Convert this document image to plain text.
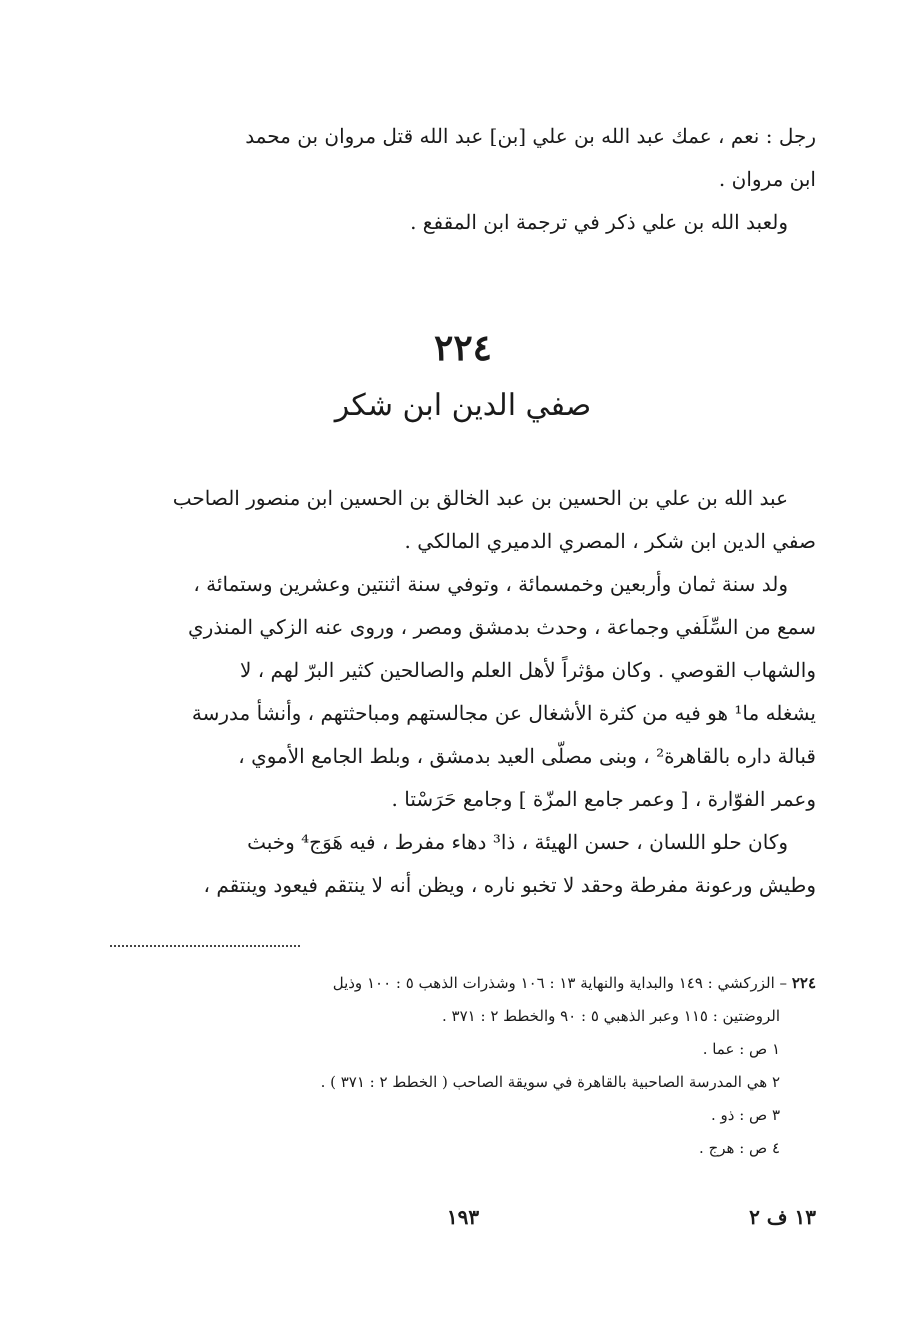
رجل : نعم ، عمك عبد الله بن علي [بن] عبد الله قتل مروان بن محمد
ابن مروان .
ولعبد الله بن علي ذكر في ترجمة ابن المقفع .
٢٢٤
صفي الدين ابن شكر
عبد الله بن علي بن الحسين بن عبد الخالق بن الحسين ابن منصور الصاحب
صفي الدين ابن شكر ، المصري الدميري المالكي .
ولد سنة ثمان وأربعين وخمسمائة ، وتوفي سنة اثنتين وعشرين وستمائة ،
سمع من السِّلَفي وجماعة ، وحدث بدمشق ومصر ، وروى عنه الزكي المنذري
والشهاب القوصي . وكان مؤثراً لأهل العلم والصالحين كثير البرّ لهم ، لا
يشغله ما¹ هو فيه من كثرة الأشغال عن مجالستهم ومباحثتهم ، وأنشأ مدرسة
قبالة داره بالقاهرة² ، وبنى مصلّى العيد بدمشق ، وبلط الجامع الأموي ،
وعمر الفوّارة ، [ وعمر جامع المزّة ] وجامع حَرَسْتا .
وكان حلو اللسان ، حسن الهيئة ، ذا³ دهاء مفرط ، فيه هَوَج⁴ وخبث
وطيش ورعونة مفرطة وحقد لا تخبو ناره ، ويظن أنه لا ينتقم فيعود وينتقم ،
٢٢٤ – الزركشي : ١٤٩ والبداية والنهاية ١٣ : ١٠٦ وشذرات الذهب ٥ : ١٠٠ وذيل
الروضتين : ١١٥ وعبر الذهبي ٥ : ٩٠ والخطط ٢ : ٣٧١ .
١ ص : عما .
٢ هي المدرسة الصاحبية بالقاهرة في سويقة الصاحب ( الخطط ٢ : ٣٧١ ) .
٣ ص : ذو .
٤ ص : هرج .
١٩٣	١٣ ف ٢
